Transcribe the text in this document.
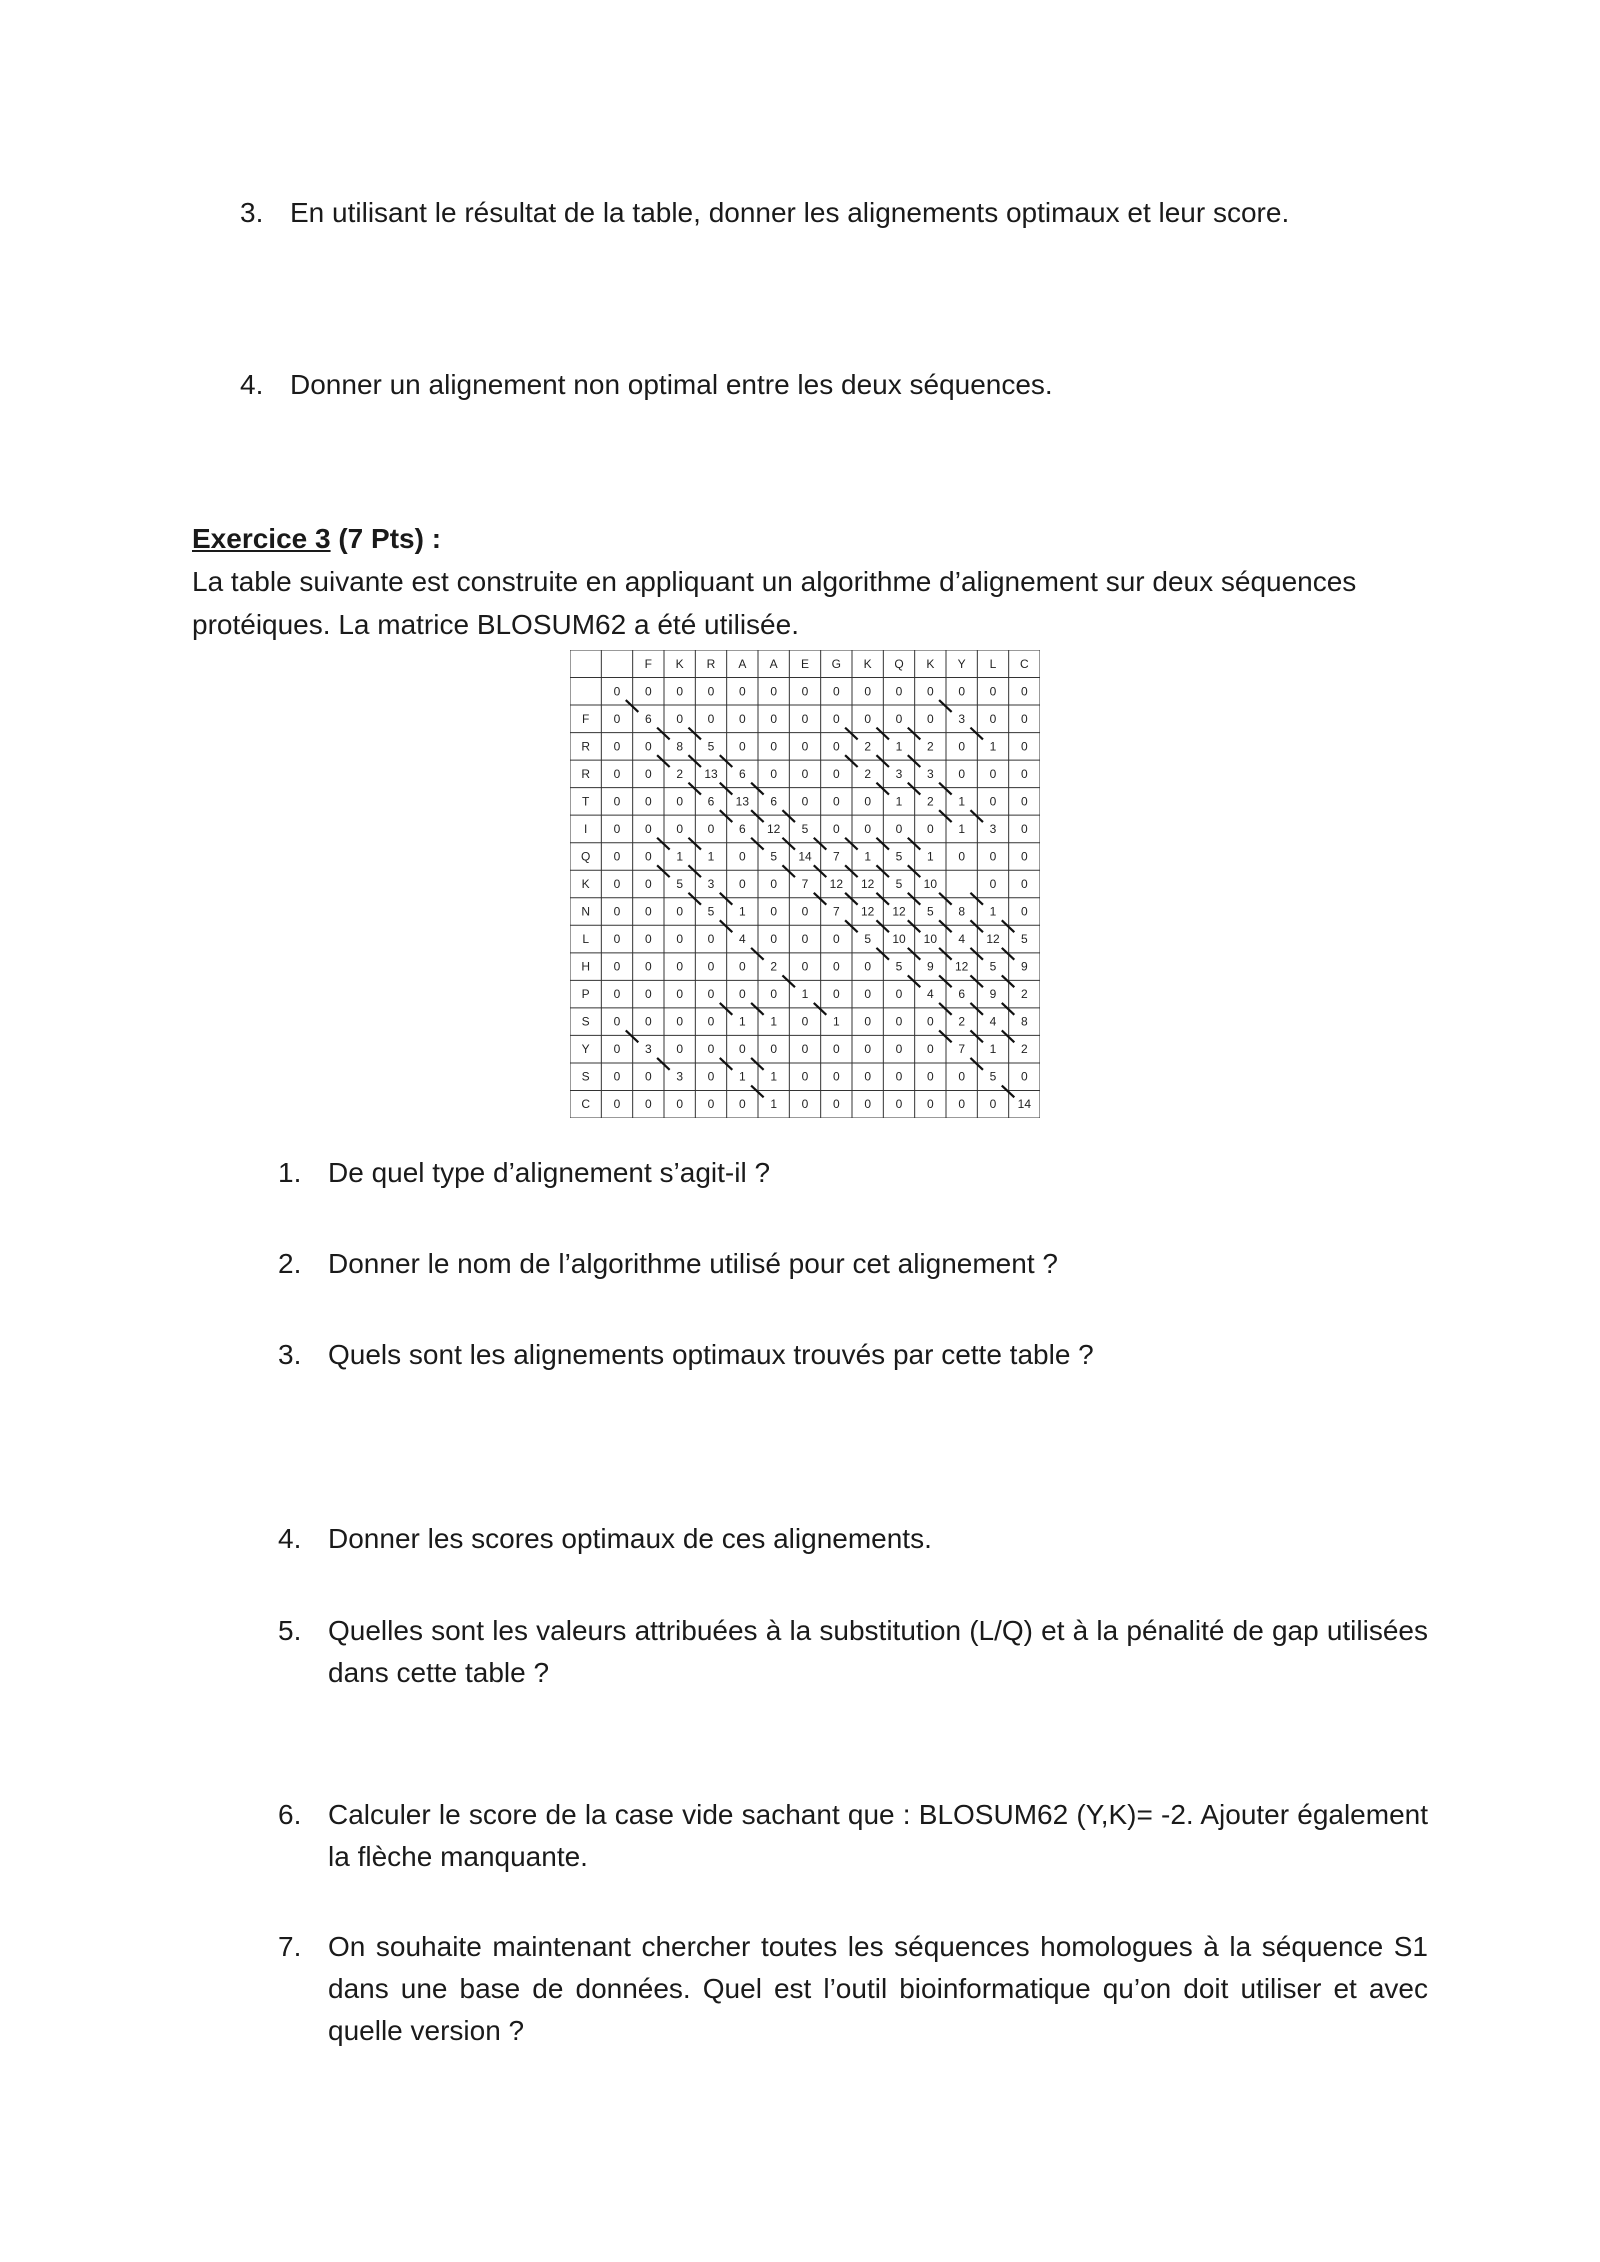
3. En utilisant le résultat de la table, donner les alignements optimaux et leur score.
4. Donner un alignement non optimal entre les deux séquences.
Exercice 3 (7 Pts) :

La table suivante est construite en appliquant un algorithme d’alignement sur deux séquences protéiques. La matrice BLOSUM62 a été utilisée.

F K R A A E G K Q K Y L C
0 0 0 0 0 0 0 0 0 0 0 0 0 0
F 0 6 0 0 0 0 0 0 0 0 0 3 0 0
R 0 0 8 5 0 0 0 0 2 1 2 0 1 0
R 0 0 2 13 6 0 0 0 2 3 3 0 0 0
T 0 0 0 6 13 6 0 0 0 1 2 1 0 0
I 0 0 0 0 6 12 5 0 0 0 0 1 3 0
Q 0 0 1 1 0 5 14 7 1 5 1 0 0 0
K 0 0 5 3 0 0 7 12 12 5 10	0 0
N 0 0 0 5 1 0 0 7 12 12 5 8 1 0
L 0 0 0 0 4 0 0 0 5 10 10 4 12 5
H 0 0 0 0 0 2 0 0 0 5 9 12 5 9
P 0 0 0 0 0 0 1 0 0 0 4 6 9 2
S 0 0 0 0 1 1 0 1 0 0 0 2 4 8
Y 0 3 0 0 0 0 0 0 0 0 0 7 1 2
S 0 0 3 0 1 1 0 0 0 0 0 0 5 0
C 0 0 0 0 0 1 0 0 0 0 0 0 0 14
1. De quel type d’alignement s’agit-il ?
2. Donner le nom de l’algorithme utilisé pour cet alignement ?
3. Quels sont les alignements optimaux trouvés par cette table ?
4. Donner les scores optimaux de ces alignements.
5. Quelles sont les valeurs attribuées à la substitution (L/Q) et à la pénalité de gap utilisées dans cette table ?
6. Calculer le score de la case vide sachant que : BLOSUM62 (Y,K)= -2. Ajouter également la flèche manquante.
7. On souhaite maintenant chercher toutes les séquences homologues à la séquence S1 dans une base de données. Quel est l’outil bioinformatique qu’on doit utiliser et avec quelle version ?
